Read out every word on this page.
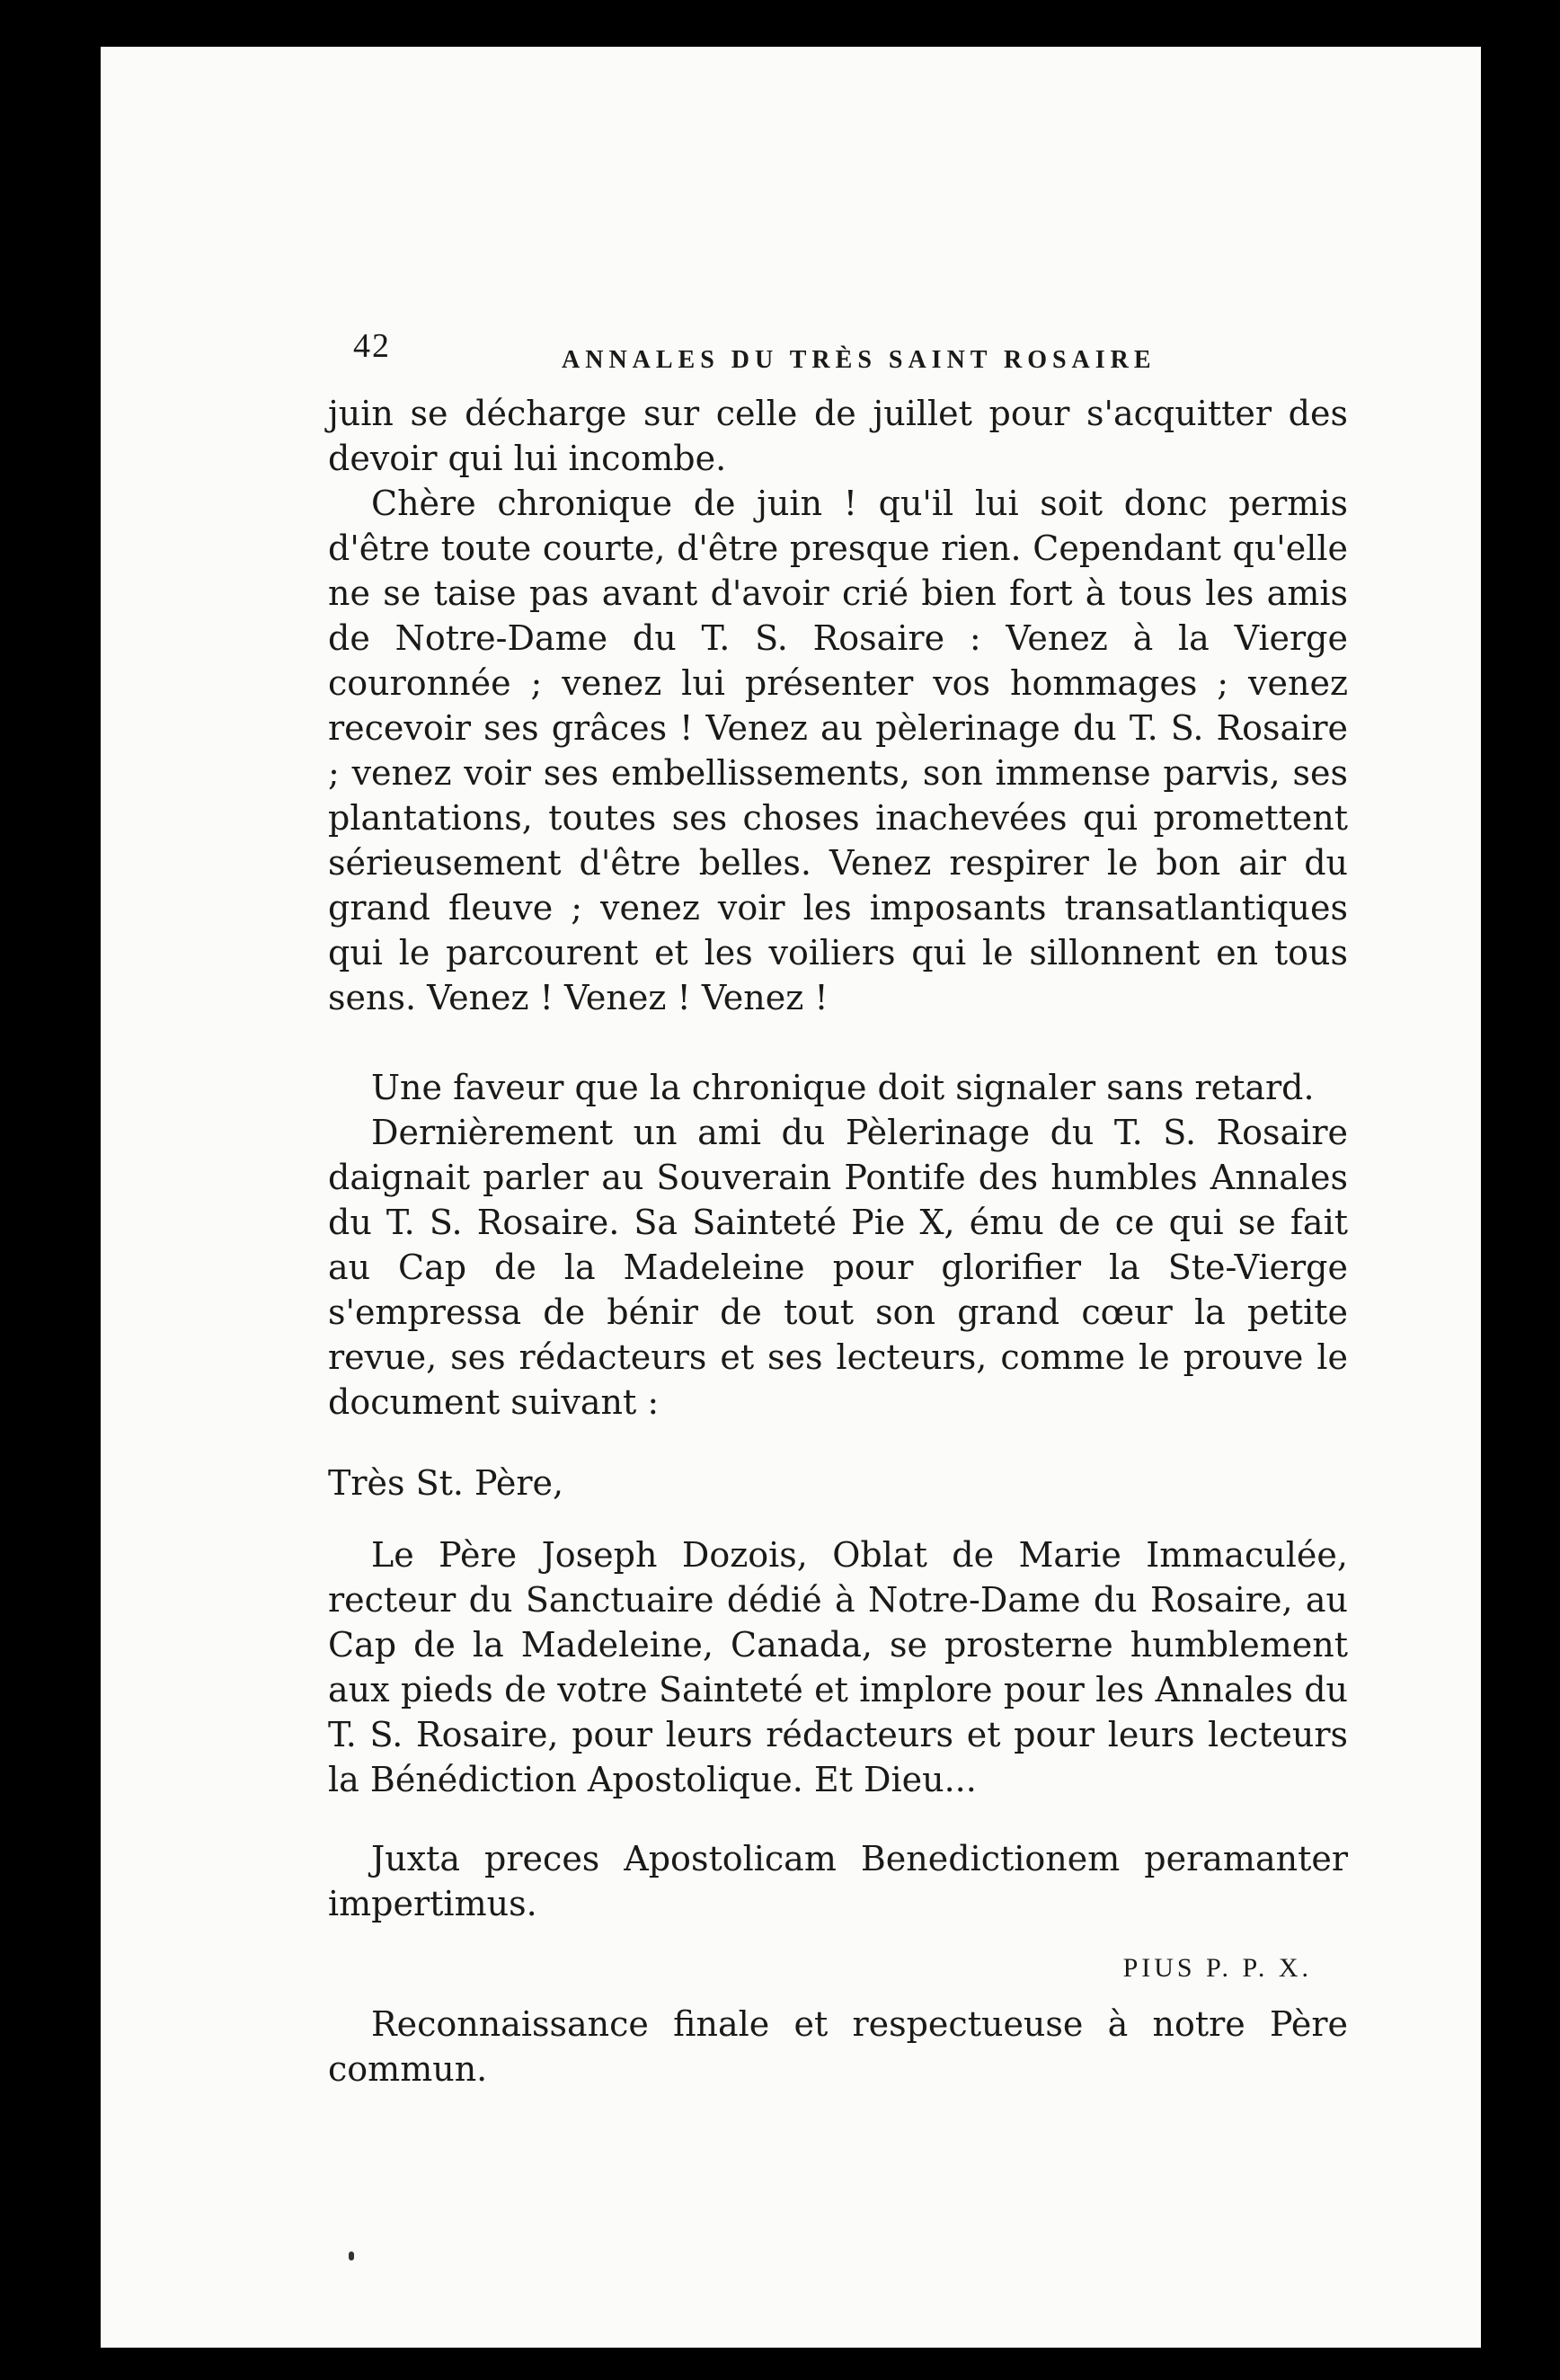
42	ANNALES DU TRÈS SAINT ROSAIRE

juin se décharge sur celle de juillet pour s'acquitter des devoir qui lui incombe.

Chère chronique de juin ! qu'il lui soit donc permis d'être toute courte, d'être presque rien. Cependant qu'elle ne se taise pas avant d'avoir crié bien fort à tous les amis de Notre-Dame du T. S. Rosaire : Venez à la Vierge couronnée ; venez lui présenter vos hommages ; venez recevoir ses grâces ! Venez au pèlerinage du T. S. Rosaire ; venez voir ses embellissements, son immense parvis, ses plantations, toutes ses choses inachevées qui promettent sérieusement d'être belles. Venez respirer le bon air du grand fleuve ; venez voir les imposants transatlantiques qui le parcourent et les voiliers qui le sillonnent en tous sens. Venez ! Venez ! Venez !

Une faveur que la chronique doit signaler sans retard.

Dernièrement un ami du Pèlerinage du T. S. Rosaire daignait parler au Souverain Pontife des humbles Annales du T. S. Rosaire. Sa Sainteté Pie X, ému de ce qui se fait au Cap de la Madeleine pour glorifier la Ste-Vierge s'empressa de bénir de tout son grand cœur la petite revue, ses rédacteurs et ses lecteurs, comme le prouve le document suivant :

Très St. Père,

Le Père Joseph Dozois, Oblat de Marie Immaculée, recteur du Sanctuaire dédié à Notre-Dame du Rosaire, au Cap de la Madeleine, Canada, se prosterne humblement aux pieds de votre Sainteté et implore pour les Annales du T. S. Rosaire, pour leurs rédacteurs et pour leurs lecteurs la Bénédiction Apostolique. Et Dieu...

Juxta preces Apostolicam Benedictionem peramanter impertimus.

PIUS P. P. X.

Reconnaissance finale et respectueuse à notre Père commun.
